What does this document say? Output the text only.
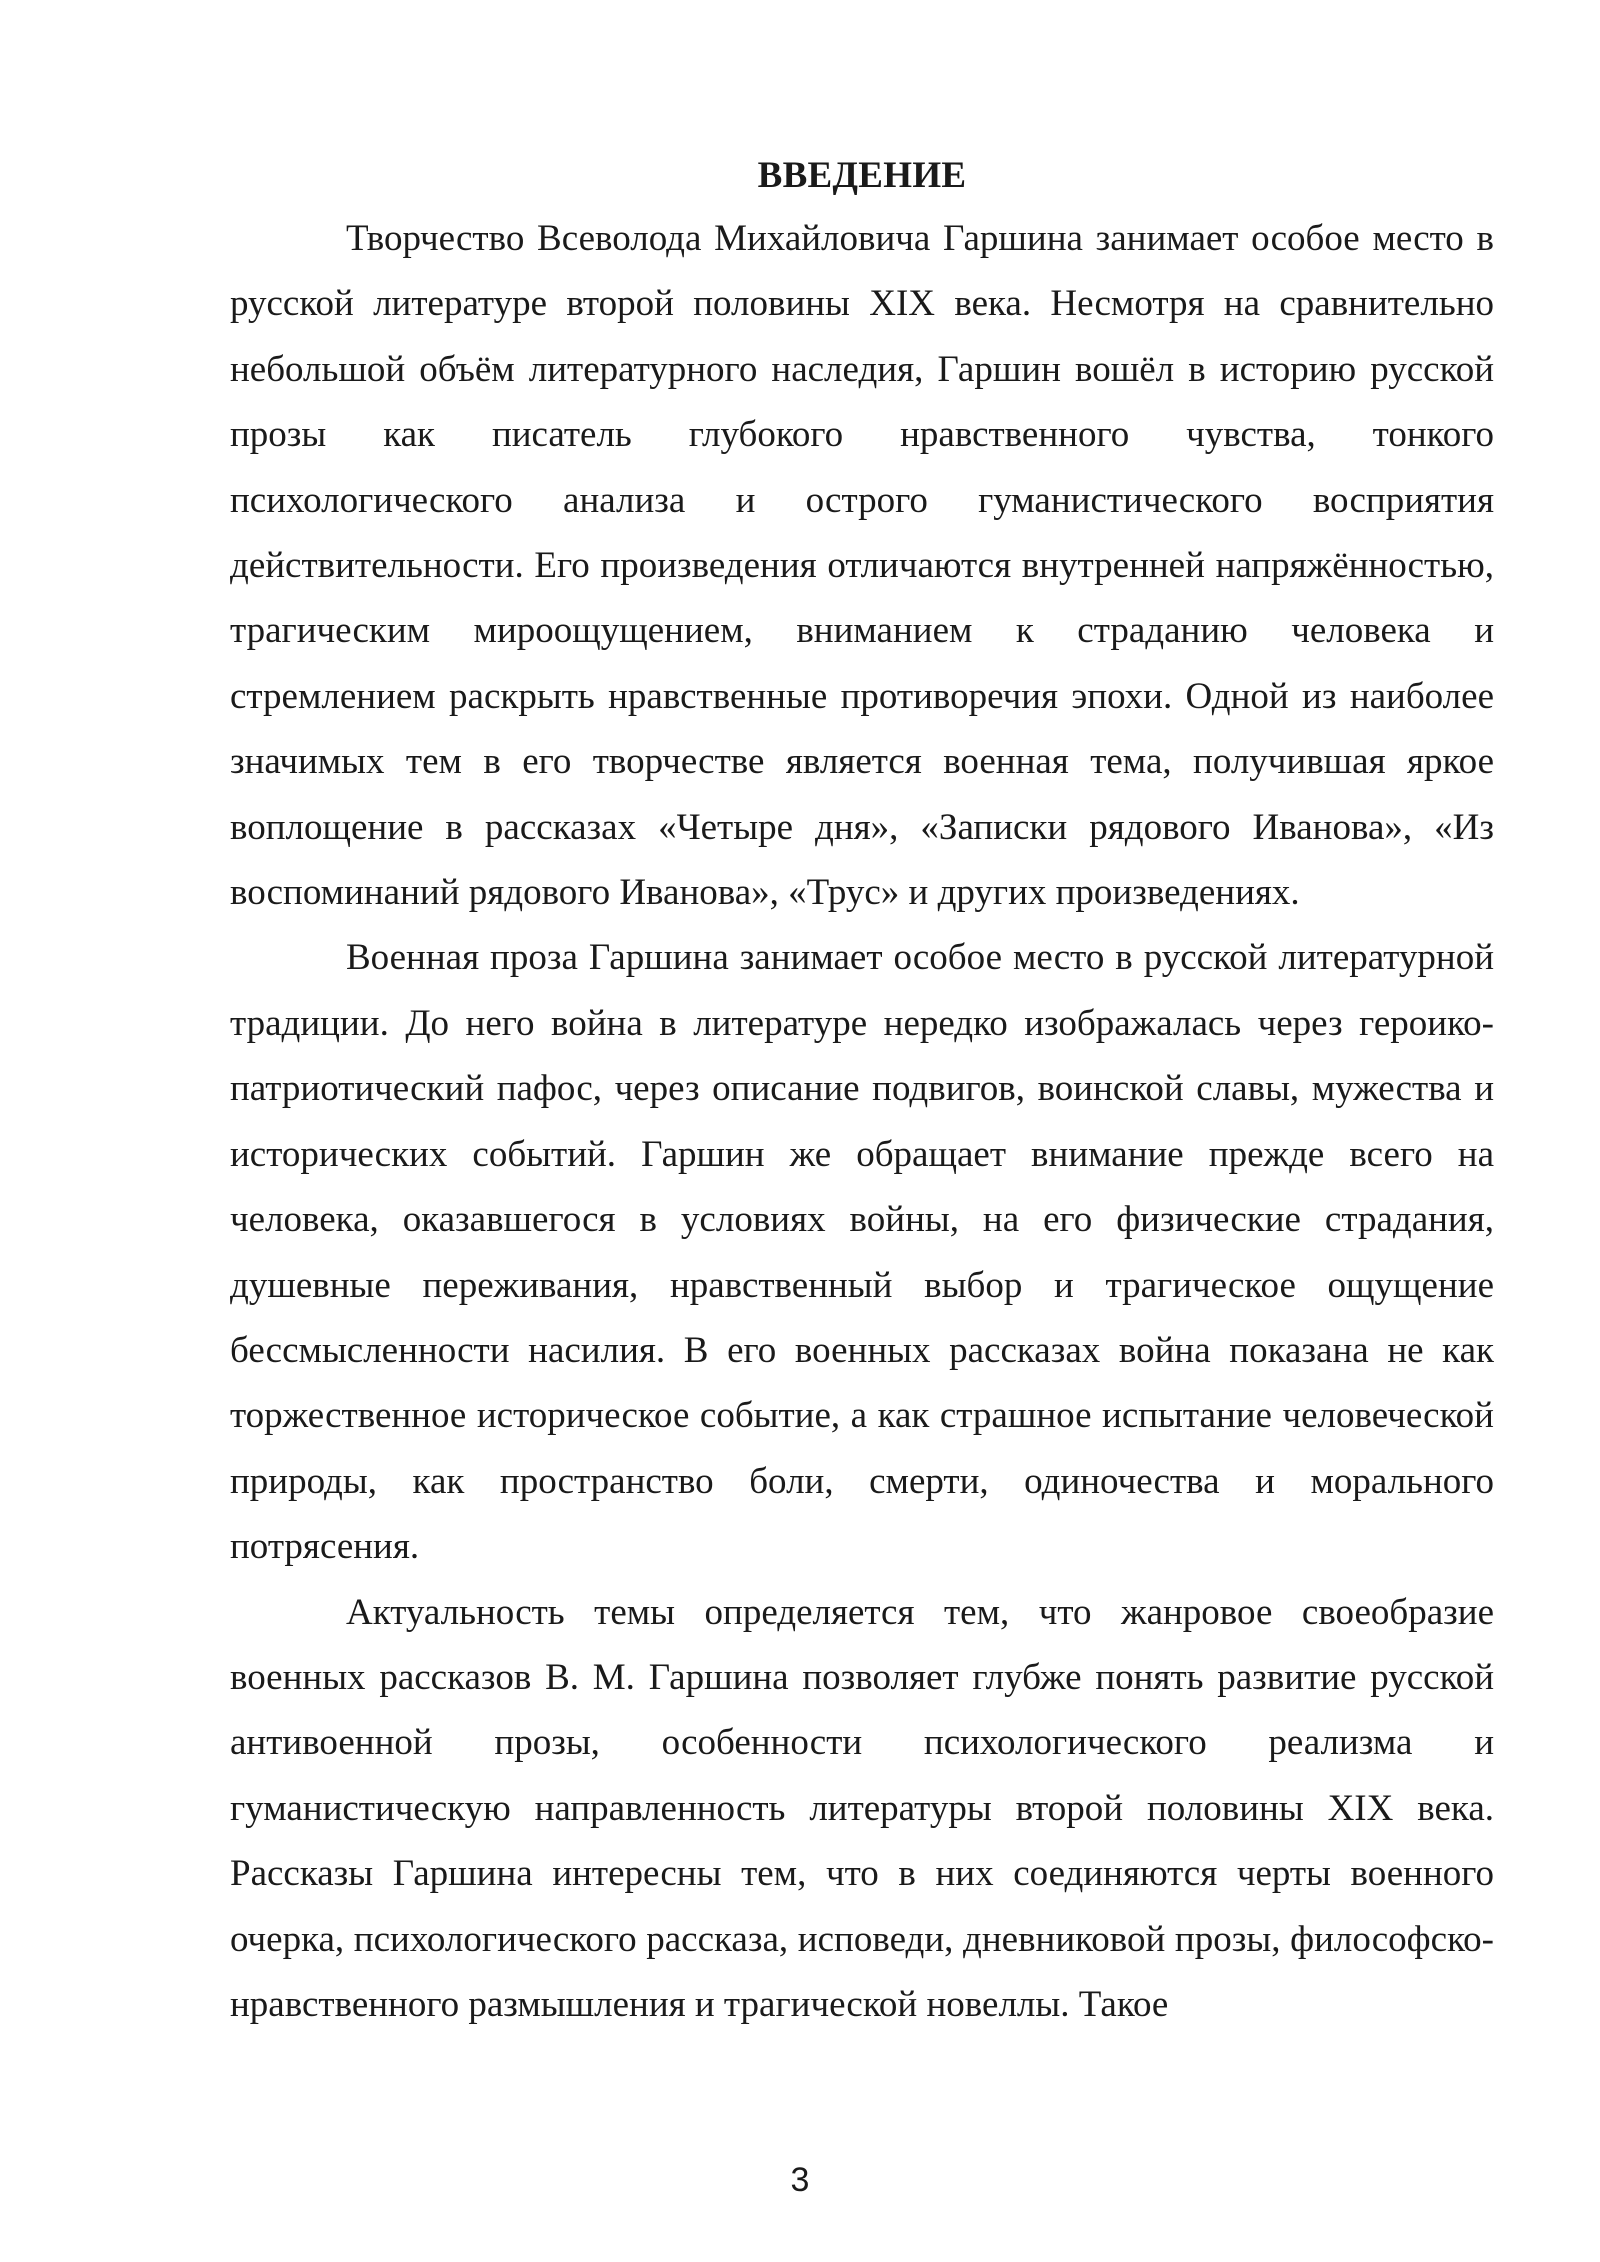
ВВЕДЕНИЕ

Творчество Всеволода Михайловича Гаршина занимает особое место в русской литературе второй половины XIX века. Несмотря на сравнительно небольшой объём литературного наследия, Гаршин вошёл в историю русской прозы как писатель глубокого нравственного чувства, тонкого психологического анализа и острого гуманистического восприятия действительности. Его произведения отличаются внутренней напряжённостью, трагическим мироощущением, вниманием к страданию человека и стремлением раскрыть нравственные противоречия эпохи. Одной из наиболее значимых тем в его творчестве является военная тема, получившая яркое воплощение в рассказах «Четыре дня», «Записки рядового Иванова», «Из воспоминаний рядового Иванова», «Трус» и других произведениях.

Военная проза Гаршина занимает особое место в русской литературной традиции. До него война в литературе нередко изображалась через героико-патриотический пафос, через описание подвигов, воинской славы, мужества и исторических событий. Гаршин же обращает внимание прежде всего на человека, оказавшегося в условиях войны, на его физические страдания, душевные переживания, нравственный выбор и трагическое ощущение бессмысленности насилия. В его военных рассказах война показана не как торжественное историческое событие, а как страшное испытание человеческой природы, как пространство боли, смерти, одиночества и морального потрясения.

Актуальность темы определяется тем, что жанровое своеобразие военных рассказов В. М. Гаршина позволяет глубже понять развитие русской антивоенной прозы, особенности психологического реализма и гуманистическую направленность литературы второй половины XIX века. Рассказы Гаршина интересны тем, что в них соединяются черты военного очерка, психологического рассказа, исповеди, дневниковой прозы, философско-нравственного размышления и трагической новеллы. Такое

3
